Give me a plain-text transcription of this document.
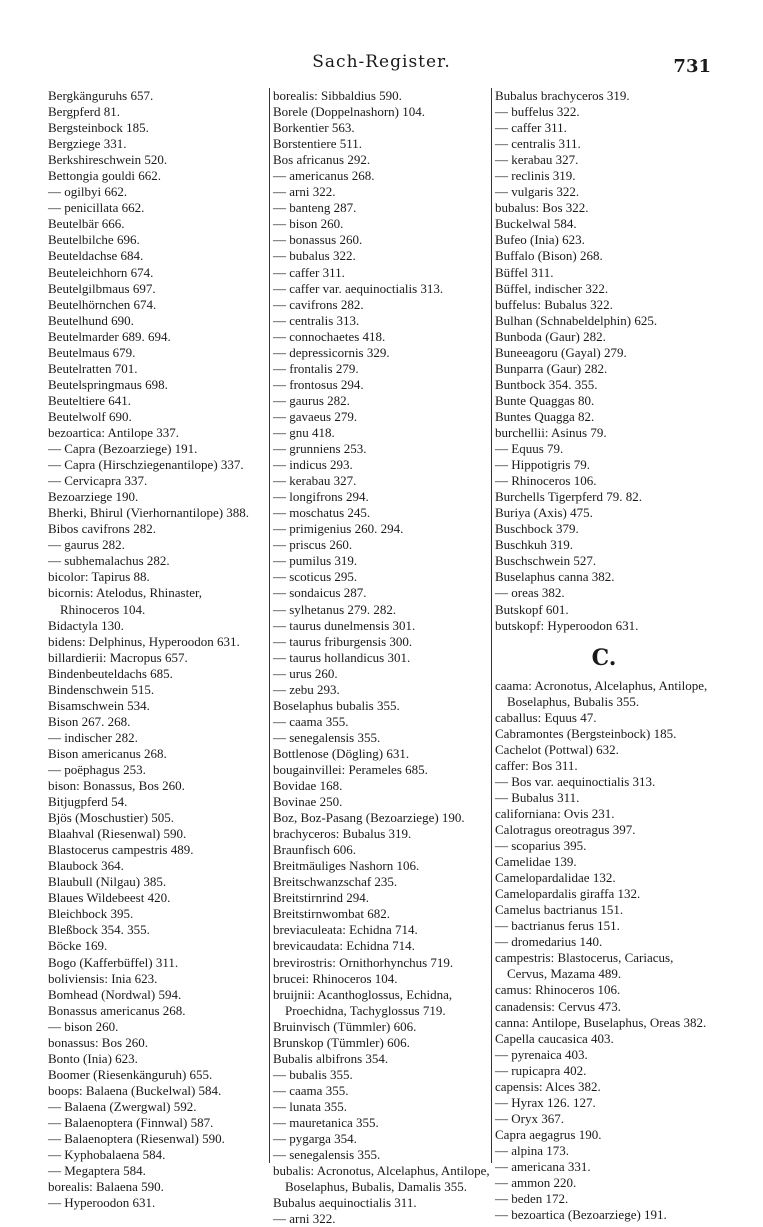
Sach-Register.	731
Bergkänguruhs 657.
Bergpferd 81.
Bergsteinbock 185.
Bergziege 331.
Berkshireschwein 520.
Bettongia gouldi 662.
— ogilbyi 662.
— penicillata 662.
Beutelbär 666.
Beutelbilche 696.
Beuteldachse 684.
Beuteleichhorn 674.
Beutelgilbmaus 697.
Beutelhörnchen 674.
Beutelhund 690.
Beutelmarder 689. 694.
Beutelmaus 679.
Beutelratten 701.
Beutelspringmaus 698.
Beuteltiere 641.
Beutelwolf 690.
bezoartica: Antilope 337.
— Capra (Bezoarziege) 191.
— Capra (Hirschziegenantilope) 337.
— Cervicapra 337.
Bezoarziege 190.
Bherki, Bhirul (Vierhornantilope) 388.
Bibos cavifrons 282.
— gaurus 282.
— subhemalachus 282.
bicolor: Tapirus 88.
bicornis: Atelodus, Rhinaster, Rhinoceros 104.
Bidactyla 130.
bidens: Delphinus, Hyperoodon 631.
billardierii: Macropus 657.
Bindenbeuteldachs 685.
Bindenschwein 515.
Bisamschwein 534.
Bison 267. 268.
— indischer 282.
Bison americanus 268.
— poëphagus 253.
bison: Bonassus, Bos 260.
Bitjugpferd 54.
Bjös (Moschustier) 505.
Blaahval (Riesenwal) 590.
Blastocerus campestris 489.
Blaubock 364.
Blaubull (Nilgau) 385.
Blaues Wildebeest 420.
Bleichbock 395.
Bleßbock 354. 355.
Böcke 169.
Bogo (Kafferbüffel) 311.
boliviensis: Inia 623.
Bomhead (Nordwal) 594.
Bonassus americanus 268.
— bison 260.
bonassus: Bos 260.
Bonto (Inia) 623.
Boomer (Riesenkänguruh) 655.
boops: Balaena (Buckelwal) 584.
— Balaena (Zwergwal) 592.
— Balaenoptera (Finnwal) 587.
— Balaenoptera (Riesenwal) 590.
— Kyphobalaena 584.
— Megaptera 584.
borealis: Balaena 590.
— Hyperoodon 631.
borealis: Sibbaldius 590.
Borele (Doppelnashorn) 104.
Borkentier 563.
Borstentiere 511.
Bos africanus 292.
— americanus 268.
— arni 322.
— banteng 287.
— bison 260.
— bonassus 260.
— bubalus 322.
— caffer 311.
— caffer var. aequinoctialis 313.
— cavifrons 282.
— centralis 313.
— connochaetes 418.
— depressicornis 329.
— frontalis 279.
— frontosus 294.
— gaurus 282.
— gavaeus 279.
— gnu 418.
— grunniens 253.
— indicus 293.
— kerabau 327.
— longifrons 294.
— moschatus 245.
— primigenius 260. 294.
— priscus 260.
— pumilus 319.
— scoticus 295.
— sondaicus 287.
— sylhetanus 279. 282.
— taurus dunelmensis 301.
— taurus friburgensis 300.
— taurus hollandicus 301.
— urus 260.
— zebu 293.
Boselaphus bubalis 355.
— caama 355.
— senegalensis 355.
Bottlenose (Dögling) 631.
bougainvillei: Perameles 685.
Bovidae 168.
Bovinae 250.
Boz, Boz-Pasang (Bezoarziege) 190.
brachyceros: Bubalus 319.
Braunfisch 606.
Breitmäuliges Nashorn 106.
Breitschwanzschaf 235.
Breitstirnrind 294.
Breitstirnwombat 682.
breviaculeata: Echidna 714.
brevicaudata: Echidna 714.
brevirostris: Ornithorhynchus 719.
brucei: Rhinoceros 104.
bruijnii: Acanthoglossus, Echidna, Proechidna, Tachyglossus 719.
Bruinvisch (Tümmler) 606.
Brunskop (Tümmler) 606.
Bubalis albifrons 354.
— bubalis 355.
— caama 355.
— lunata 355.
— mauretanica 355.
— pygarga 354.
— senegalensis 355.
bubalis: Acronotus, Alcelaphus, Antilope, Boselaphus, Bubalis, Damalis 355.
Bubalus aequinoctialis 311.
— arni 322.
Bubalus brachyceros 319.
— buffelus 322.
— caffer 311.
— centralis 311.
— kerabau 327.
— reclinis 319.
— vulgaris 322.
bubalus: Bos 322.
Buckelwal 584.
Bufeo (Inia) 623.
Buffalo (Bison) 268.
Büffel 311.
Büffel, indischer 322.
buffelus: Bubalus 322.
Bulhan (Schnabeldelphin) 625.
Bunboda (Gaur) 282.
Buneeagoru (Gayal) 279.
Bunparra (Gaur) 282.
Buntbock 354. 355.
Bunte Quaggas 80.
Buntes Quagga 82.
burchellii: Asinus 79.
— Equus 79.
— Hippotigris 79.
— Rhinoceros 106.
Burchells Tigerpferd 79. 82.
Buriya (Axis) 475.
Buschbock 379.
Buschkuh 319.
Buschschwein 527.
Buselaphus canna 382.
— oreas 382.
Butskopf 601.
butskopf: Hyperoodon 631.
C.
caama: Acronotus, Alcelaphus, Antilope, Boselaphus, Bubalis 355.
caballus: Equus 47.
Cabramontes (Bergsteinbock) 185.
Cachelot (Pottwal) 632.
caffer: Bos 311.
— Bos var. aequinoctialis 313.
— Bubalus 311.
californiana: Ovis 231.
Calotragus oreotragus 397.
— scoparius 395.
Camelidae 139.
Camelopardalidae 132.
Camelopardalis giraffa 132.
Camelus bactrianus 151.
— bactrianus ferus 151.
— dromedarius 140.
campestris: Blastocerus, Cariacus, Cervus, Mazama 489.
camus: Rhinoceros 106.
canadensis: Cervus 473.
canna: Antilope, Buselaphus, Oreas 382.
Capella caucasica 403.
— pyrenaica 403.
— rupicapra 402.
capensis: Alces 382.
— Hyrax 126. 127.
— Oryx 367.
Capra aegagrus 190.
— alpina 173.
— americana 331.
— ammon 220.
— beden 172.
— bezoartica (Bezoarziege) 191.
